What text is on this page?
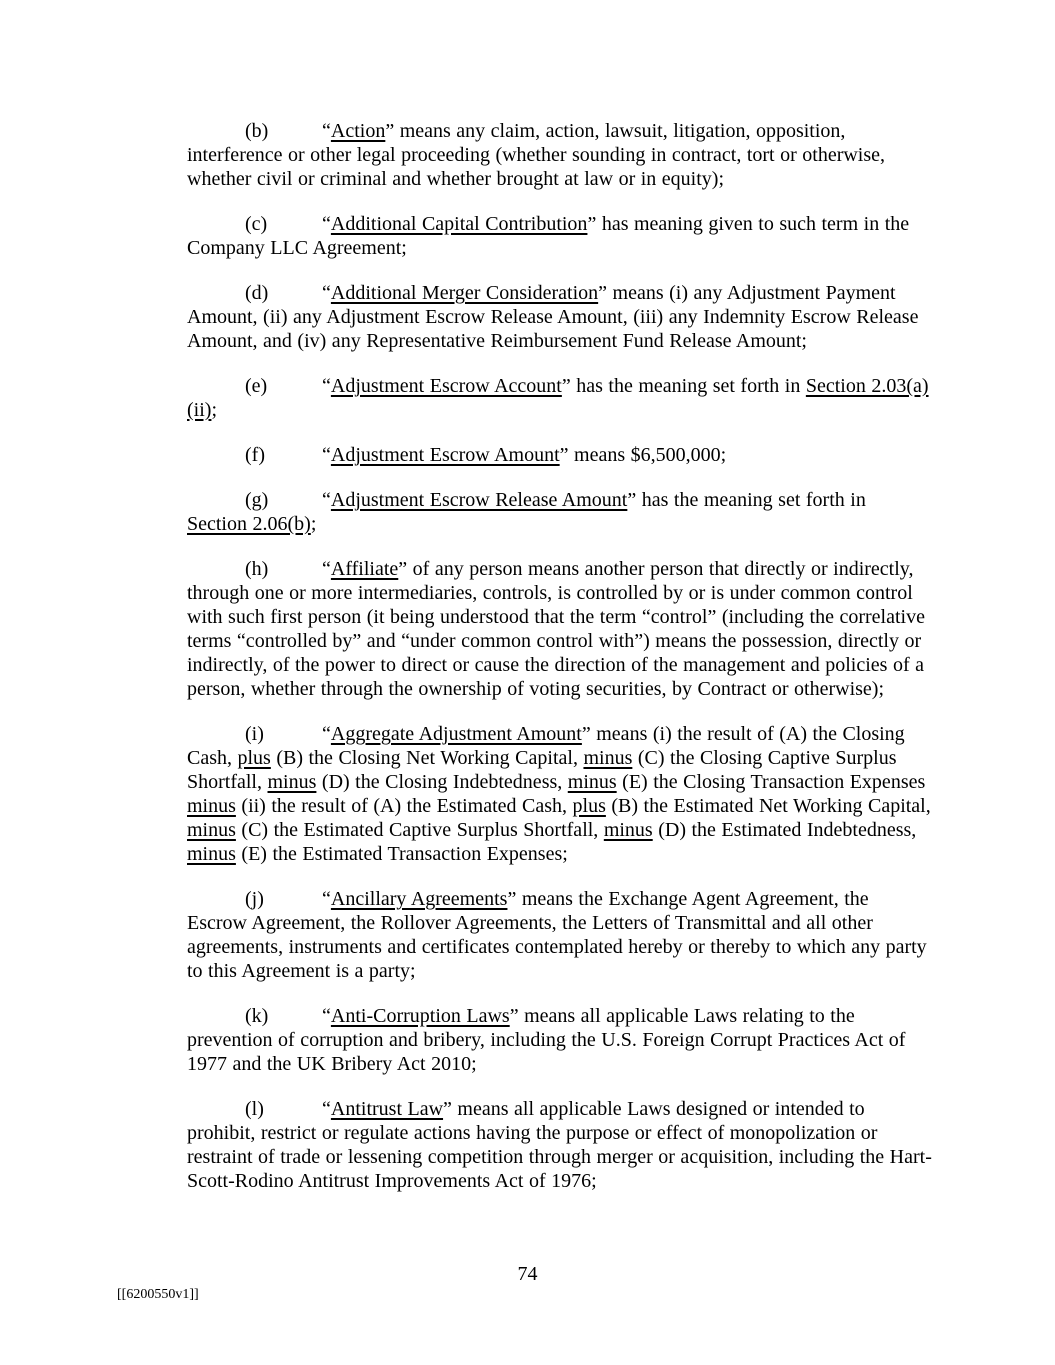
(b)	“Action” means any claim, action, lawsuit, litigation, opposition, interference or other legal proceeding (whether sounding in contract, tort or otherwise, whether civil or criminal and whether brought at law or in equity);

(c)	“Additional Capital Contribution” has meaning given to such term in the Company LLC Agreement;

(d)	“Additional Merger Consideration” means (i) any Adjustment Payment Amount, (ii) any Adjustment Escrow Release Amount, (iii) any Indemnity Escrow Release Amount, and (iv) any Representative Reimbursement Fund Release Amount;

(e)	“Adjustment Escrow Account” has the meaning set forth in Section 2.03(a)(ii);

(f)	“Adjustment Escrow Amount” means $6,500,000;

(g)	“Adjustment Escrow Release Amount” has the meaning set forth in Section 2.06(b);

(h)	“Affiliate” of any person means another person that directly or indirectly, through one or more intermediaries, controls, is controlled by or is under common control with such first person (it being understood that the term “control” (including the correlative terms “controlled by” and “under common control with”) means the possession, directly or indirectly, of the power to direct or cause the direction of the management and policies of a person, whether through the ownership of voting securities, by Contract or otherwise);

(i)	“Aggregate Adjustment Amount” means (i) the result of (A) the Closing Cash, plus (B) the Closing Net Working Capital, minus (C) the Closing Captive Surplus Shortfall, minus (D) the Closing Indebtedness, minus (E) the Closing Transaction Expenses minus (ii) the result of (A) the Estimated Cash, plus (B) the Estimated Net Working Capital, minus (C) the Estimated Captive Surplus Shortfall, minus (D) the Estimated Indebtedness, minus (E) the Estimated Transaction Expenses;

(j)	“Ancillary Agreements” means the Exchange Agent Agreement, the Escrow Agreement, the Rollover Agreements, the Letters of Transmittal and all other agreements, instruments and certificates contemplated hereby or thereby to which any party to this Agreement is a party;

(k)	“Anti-Corruption Laws” means all applicable Laws relating to the prevention of corruption and bribery, including the U.S. Foreign Corrupt Practices Act of 1977 and the UK Bribery Act 2010;

(l)	“Antitrust Law” means all applicable Laws designed or intended to prohibit, restrict or regulate actions having the purpose or effect of monopolization or restraint of trade or lessening competition through merger or acquisition, including the Hart-Scott-Rodino Antitrust Improvements Act of 1976;

74
[[6200550v1]]
